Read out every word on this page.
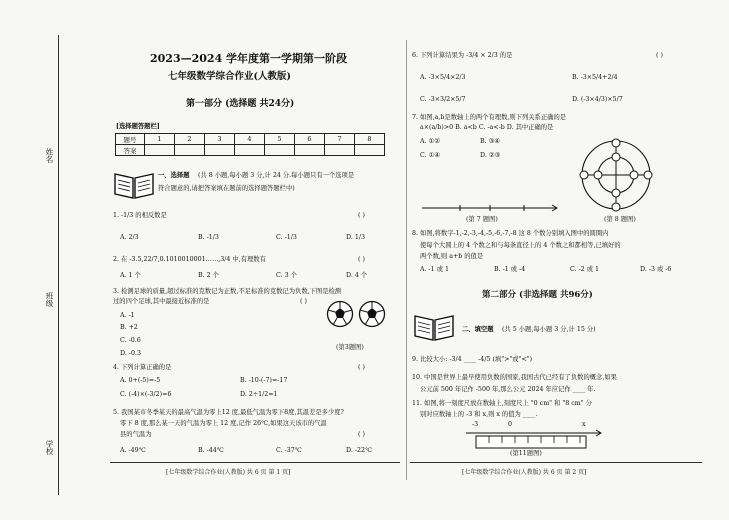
姓名
班级
学校
2023—2024 学年度第一学期第一阶段
七年级数学综合作业(人教版)
第一部分 (选择题 共24分)
[选择题答题栏]
题号	1	2	3	4	5	6	7	8
答案								
一、选择题 (共 8 小题,每小题 3 分,计 24 分.每小题只有一个选项是
符合题意的,请把答案填在题前的选择题答题栏中)
1. -1/3 的相反数是	( )
A. 2/3	B. -1/3	C. -1/3	D. 1/3
2. 在 -3.5,22/7,0.1010010001……,3/4 中,有理数有	( )
A. 1 个	B. 2 个	C. 3 个	D. 4 个
3. 检测足球的质量,超过标准的克数记为正数,不足标准的克数记为负数,下图是检测
过的四个足球,其中最接近标准的是	( )
A. -1
B. +2
C. -0.6
D. -0.3
(第3题图)
4. 下列计算正确的是	( )
A. 0+(-5)=-5	B. -10-(-7)=-17
C. (-4)×(-3/2)=6	D. 2÷1/2=1
5. 我国某市冬季某天的最高气温为零上12 度,最低气温为零下8度,其温差是多少度?
零下 8 度,那么某一天的气温为零上 12 度,记作 26℃,如果这天该市的气温
县的气温为	( )
A. -49℃	B. -44℃	C. -37℃	D. -22℃
[七年级数学综合作业(人教版) 共 6 页 第 1 页]
6. 下列计算结果为 -3/4 × 2/3 的是	( )
A. -3×5/4×2/3	B. -3×5/4+2/4
C. -3×3/2×5/7	D. (-3×4/3)×5/7
7. 如图,a,b是数轴上的两个有理数,则下列关系正确的是
a×(a/b)>0 B. a<b C. -a<-b D. 其中正确的是
A. ①②	B. ③④
C. ①④	D. ②③
(第 7 题图)	(第 8 题图)
8. 如图,将数字-1,-2,-3,-4,-5,-6,-7,-8 这 8 个数分别填入图中的圆圈内
使每个大圆上的 4 个数之和与每条直径上的 4 个数之和都相等,已填好的
两个数,则 a+b 的值是
A. -1 或 1	B. -1 或 -4	C. -2 或 1	D. -3 或 -6
第二部分 (非选择题 共96分)
二、填空题 (共 5 小题,每小题 3 分,计 15 分)
9. 比较大小: -3/4 ____ -4/5 (填">"或"<")
10. 中国是世界上最早使用负数的国家,我国古代已经有了负数的概念,如果
公元前 500 年记作 -500 年,那么公元 2024 年应记作 ____ 年.
11. 如图,将一刻度尺放在数轴上,刻度尺上 "0 cm" 和 "8 cm" 分
别对应数轴上的 -3 和 x,则 x 的值为 ____.
-3	0	x
(第11题图)
[七年级数学综合作业(人教版) 共 6 页 第 2 页]
